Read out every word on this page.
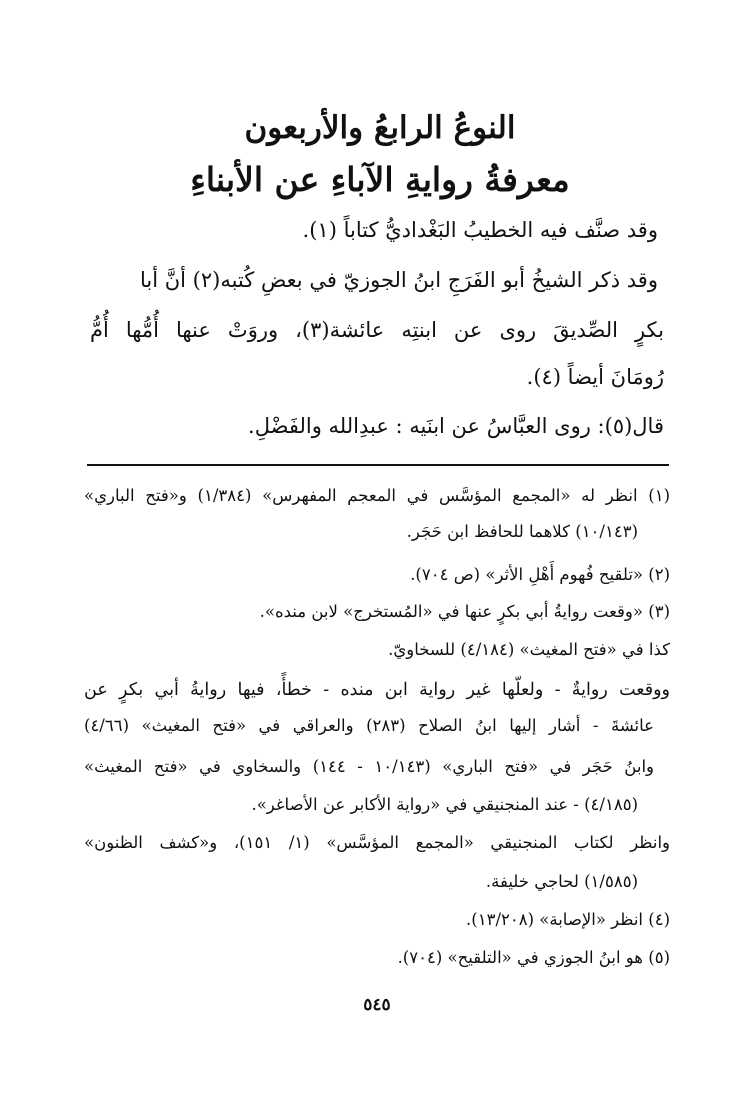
النوعُ الرابعُ والأربعون
معرفةُ روايةِ الآباءِ عن الأبناءِ
وقد صنَّف فيه الخطيبُ البَغْداديُّ كتاباً (١).
وقد ذكر الشيخُ أبو الفَرَجِ ابنُ الجوزيّ في بعضِ كُتبه(٢) أنَّ أبا
بكرٍ الصِّديقَ روى عن ابنتِه عائشة(٣)، وروَتْ عنها أُمُّها أُمُّ
رُومَانَ أيضاً (٤).
قال(٥): روى العبَّاسُ عن ابنَيه : عبدِالله والفَضْلِ.
(١) انظر له «المجمع المؤسَّس في المعجم المفهرس» (١/٣٨٤) و«فتح الباري»
(١٠/١٤٣) كلاهما للحافظ ابن حَجَر.
(٢) «تلقيح فُهوم أَهْلِ الأثر» (ص ٧٠٤).
(٣) «وقعت روايةُ أبي بكرٍ عنها في «المُستخرج» لابن منده».
كذا في «فتح المغيث» (٤/١٨٤) للسخاويّ.
ووقعت روايةٌ - ولعلّها غير رواية ابن منده - خطأً، فيها روايةُ أبي بكرٍ عن
عائشةَ - أشار إليها ابنُ الصلاح (٢٨٣) والعراقي في «فتح المغيث» (٤/٦٦)
وابنُ حَجَر في «فتح الباري» (١٠/١٤٣ - ١٤٤) والسخاوي في «فتح المغيث»
(٤/١٨٥) - عند المنجنيقي في «رواية الأكابر عن الأصاغر».
وانظر لكتاب المنجنيقي «المجمع المؤسَّس» (١/ ١٥١)، و«كشف الظنون»
(١/٥٨٥) لحاجي خليفة.
(٤) انظر «الإصابة» (١٣/٢٠٨).
(٥) هو ابنُ الجوزي في «التلقيح» (٧٠٤).
٥٤٥
